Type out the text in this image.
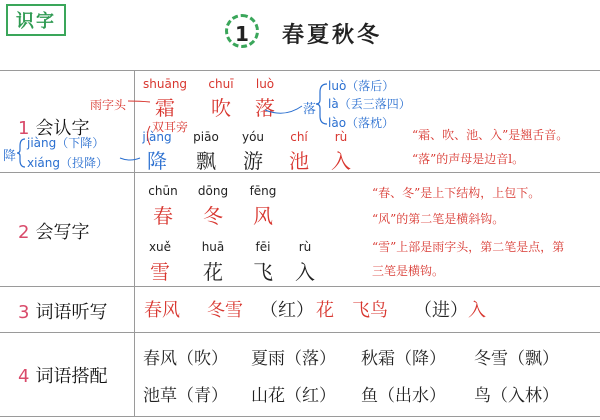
识字
1	春夏秋冬
1 会认字
2 会写字
3 词语听写
4 词语搭配
shuāng
霜
chuī
吹
luò
落
jiàng
降
piāo
飘
yóu
游
chí
池
rù
入
雨字头
双耳旁
落
luò（落后）
là（丢三落四）
lào（落枕）
降
jiàng（下降）
xiáng（投降）
“霜、吹、池、入”是翘舌音。
“落”的声母是边音l。
chūn
春
dōng
冬
fēng
风
xuě
雪
huā
花
fēi
飞
rù
入
“春、冬”是上下结构，上包下。
“风”的第二笔是横斜钩。
“雪”上部是雨字头，第二笔是点，第
三笔是横钩。
春风 冬雪 （红） 花 飞鸟 （进） 入
春风（吹） 夏雨（落） 秋霜（降） 冬雪（飘）
池草（青） 山花（红） 鱼（出水） 鸟（入林）
